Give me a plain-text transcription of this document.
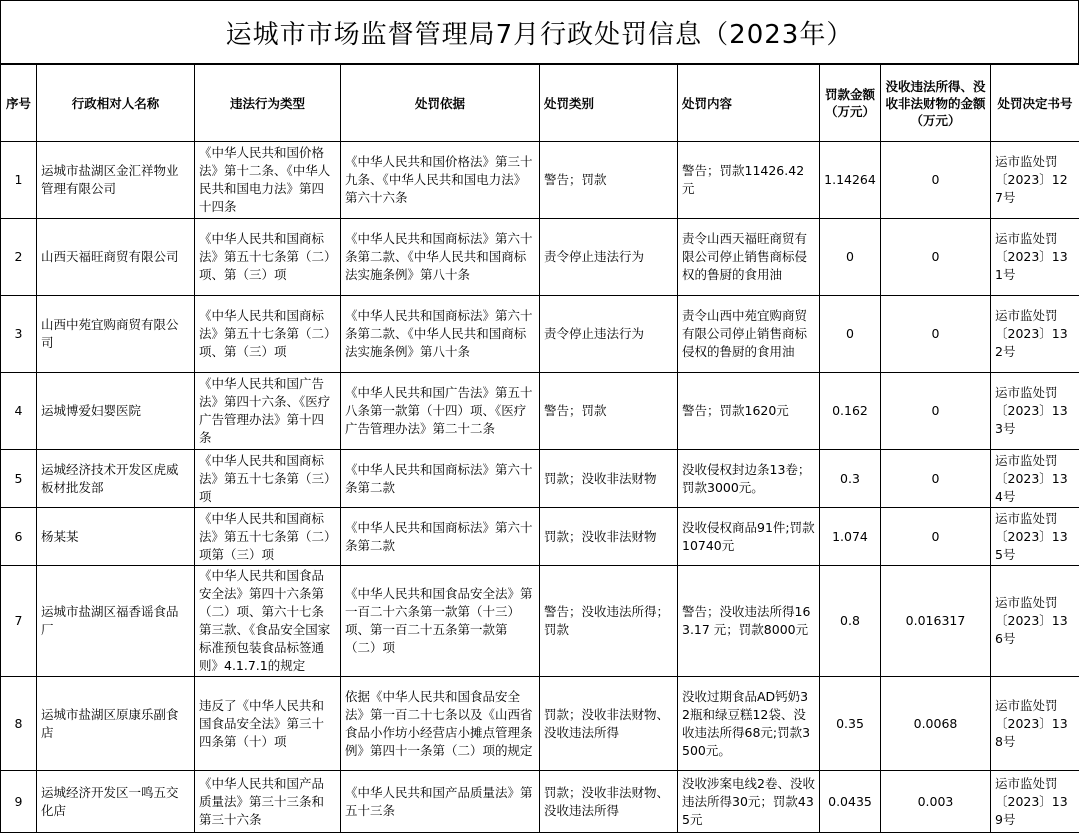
运城市市场监督管理局7月行政处罚信息（2023年）
序号	行政相对人名称	违法行为类型	处罚依据	处罚类别	处罚内容	罚款金额（万元）	没收违法所得、没收非法财物的金额（万元）	处罚决定书号

1	运城市盐湖区金汇祥物业管理有限公司	《中华人民共和国价格法》第十二条、《中华人民共和国电力法》第四十四条	《中华人民共和国价格法》第三十九条、《中华人民共和国电力法》第六十六条	警告；罚款	警告；罚款11426.42元	1.14264	0	运市监处罚〔2023〕127号

2	山西天福旺商贸有限公司	《中华人民共和国商标法》第五十七条第（二）项、第（三）项	《中华人民共和国商标法》第六十条第二款、《中华人民共和国商标法实施条例》第八十条	责令停止违法行为	责令山西天福旺商贸有限公司停止销售商标侵权的鲁厨的食用油	0	0	运市监处罚〔2023〕131号

3	山西中苑宜购商贸有限公司	《中华人民共和国商标法》第五十七条第（二）项、第（三）项	《中华人民共和国商标法》第六十条第二款、《中华人民共和国商标法实施条例》第八十条	责令停止违法行为	责令山西中苑宜购商贸有限公司停止销售商标侵权的鲁厨的食用油	0	0	运市监处罚〔2023〕132号

4	运城博爱妇婴医院	《中华人民共和国广告法》第四十六条、《医疗广告管理办法》第十四条	《中华人民共和国广告法》第五十八条第一款第（十四）项、《医疗广告管理办法》第二十二条	警告；罚款	警告；罚款1620元	0.162	0	运市监处罚〔2023〕133号

5	运城经济技术开发区虎威板材批发部	《中华人民共和国商标法》第五十七条第（三）项	《中华人民共和国商标法》第六十条第二款	罚款；没收非法财物	没收侵权封边条13卷；罚款3000元。	0.3	0	运市监处罚〔2023〕134号

6	杨某某	《中华人民共和国商标法》第五十七条第（二）项第（三）项	《中华人民共和国商标法》第六十条第二款	罚款；没收非法财物	没收侵权商品91件;罚款10740元	1.074	0	运市监处罚〔2023〕135号

7	运城市盐湖区福香谣食品厂	《中华人民共和国食品安全法》第四十六条第（二）项、第六十七条第三款、《食品安全国家标准预包装食品标签通则》4.1.7.1的规定	《中华人民共和国食品安全法》第一百二十六条第一款第（十三）项、第一百二十五条第一款第（二）项	警告；没收违法所得；罚款	警告；没收违法所得163.17 元；罚款8000元	0.8	0.016317	运市监处罚〔2023〕136号

8	运城市盐湖区原康乐副食店	违反了《中华人民共和国食品安全法》第三十四条第（十）项	依据《中华人民共和国食品安全法》第一百二十七条以及《山西省食品小作坊小经营店小摊点管理条例》第四十一条第（二）项的规定	罚款；没收非法财物、没收违法所得	没收过期食品AD钙奶32瓶和绿豆糕12袋、没收违法所得68元;罚款3500元。	0.35	0.0068	运市监处罚〔2023〕138号

9	运城经济开发区一鸣五交化店	《中华人民共和国产品质量法》第三十三条和第三十六条	《中华人民共和国产品质量法》第五十三条	罚款；没收非法财物、没收违法所得	没收涉案电线2卷、没收违法所得30元；罚款435元	0.0435	0.003	运市监处罚〔2023〕139号
